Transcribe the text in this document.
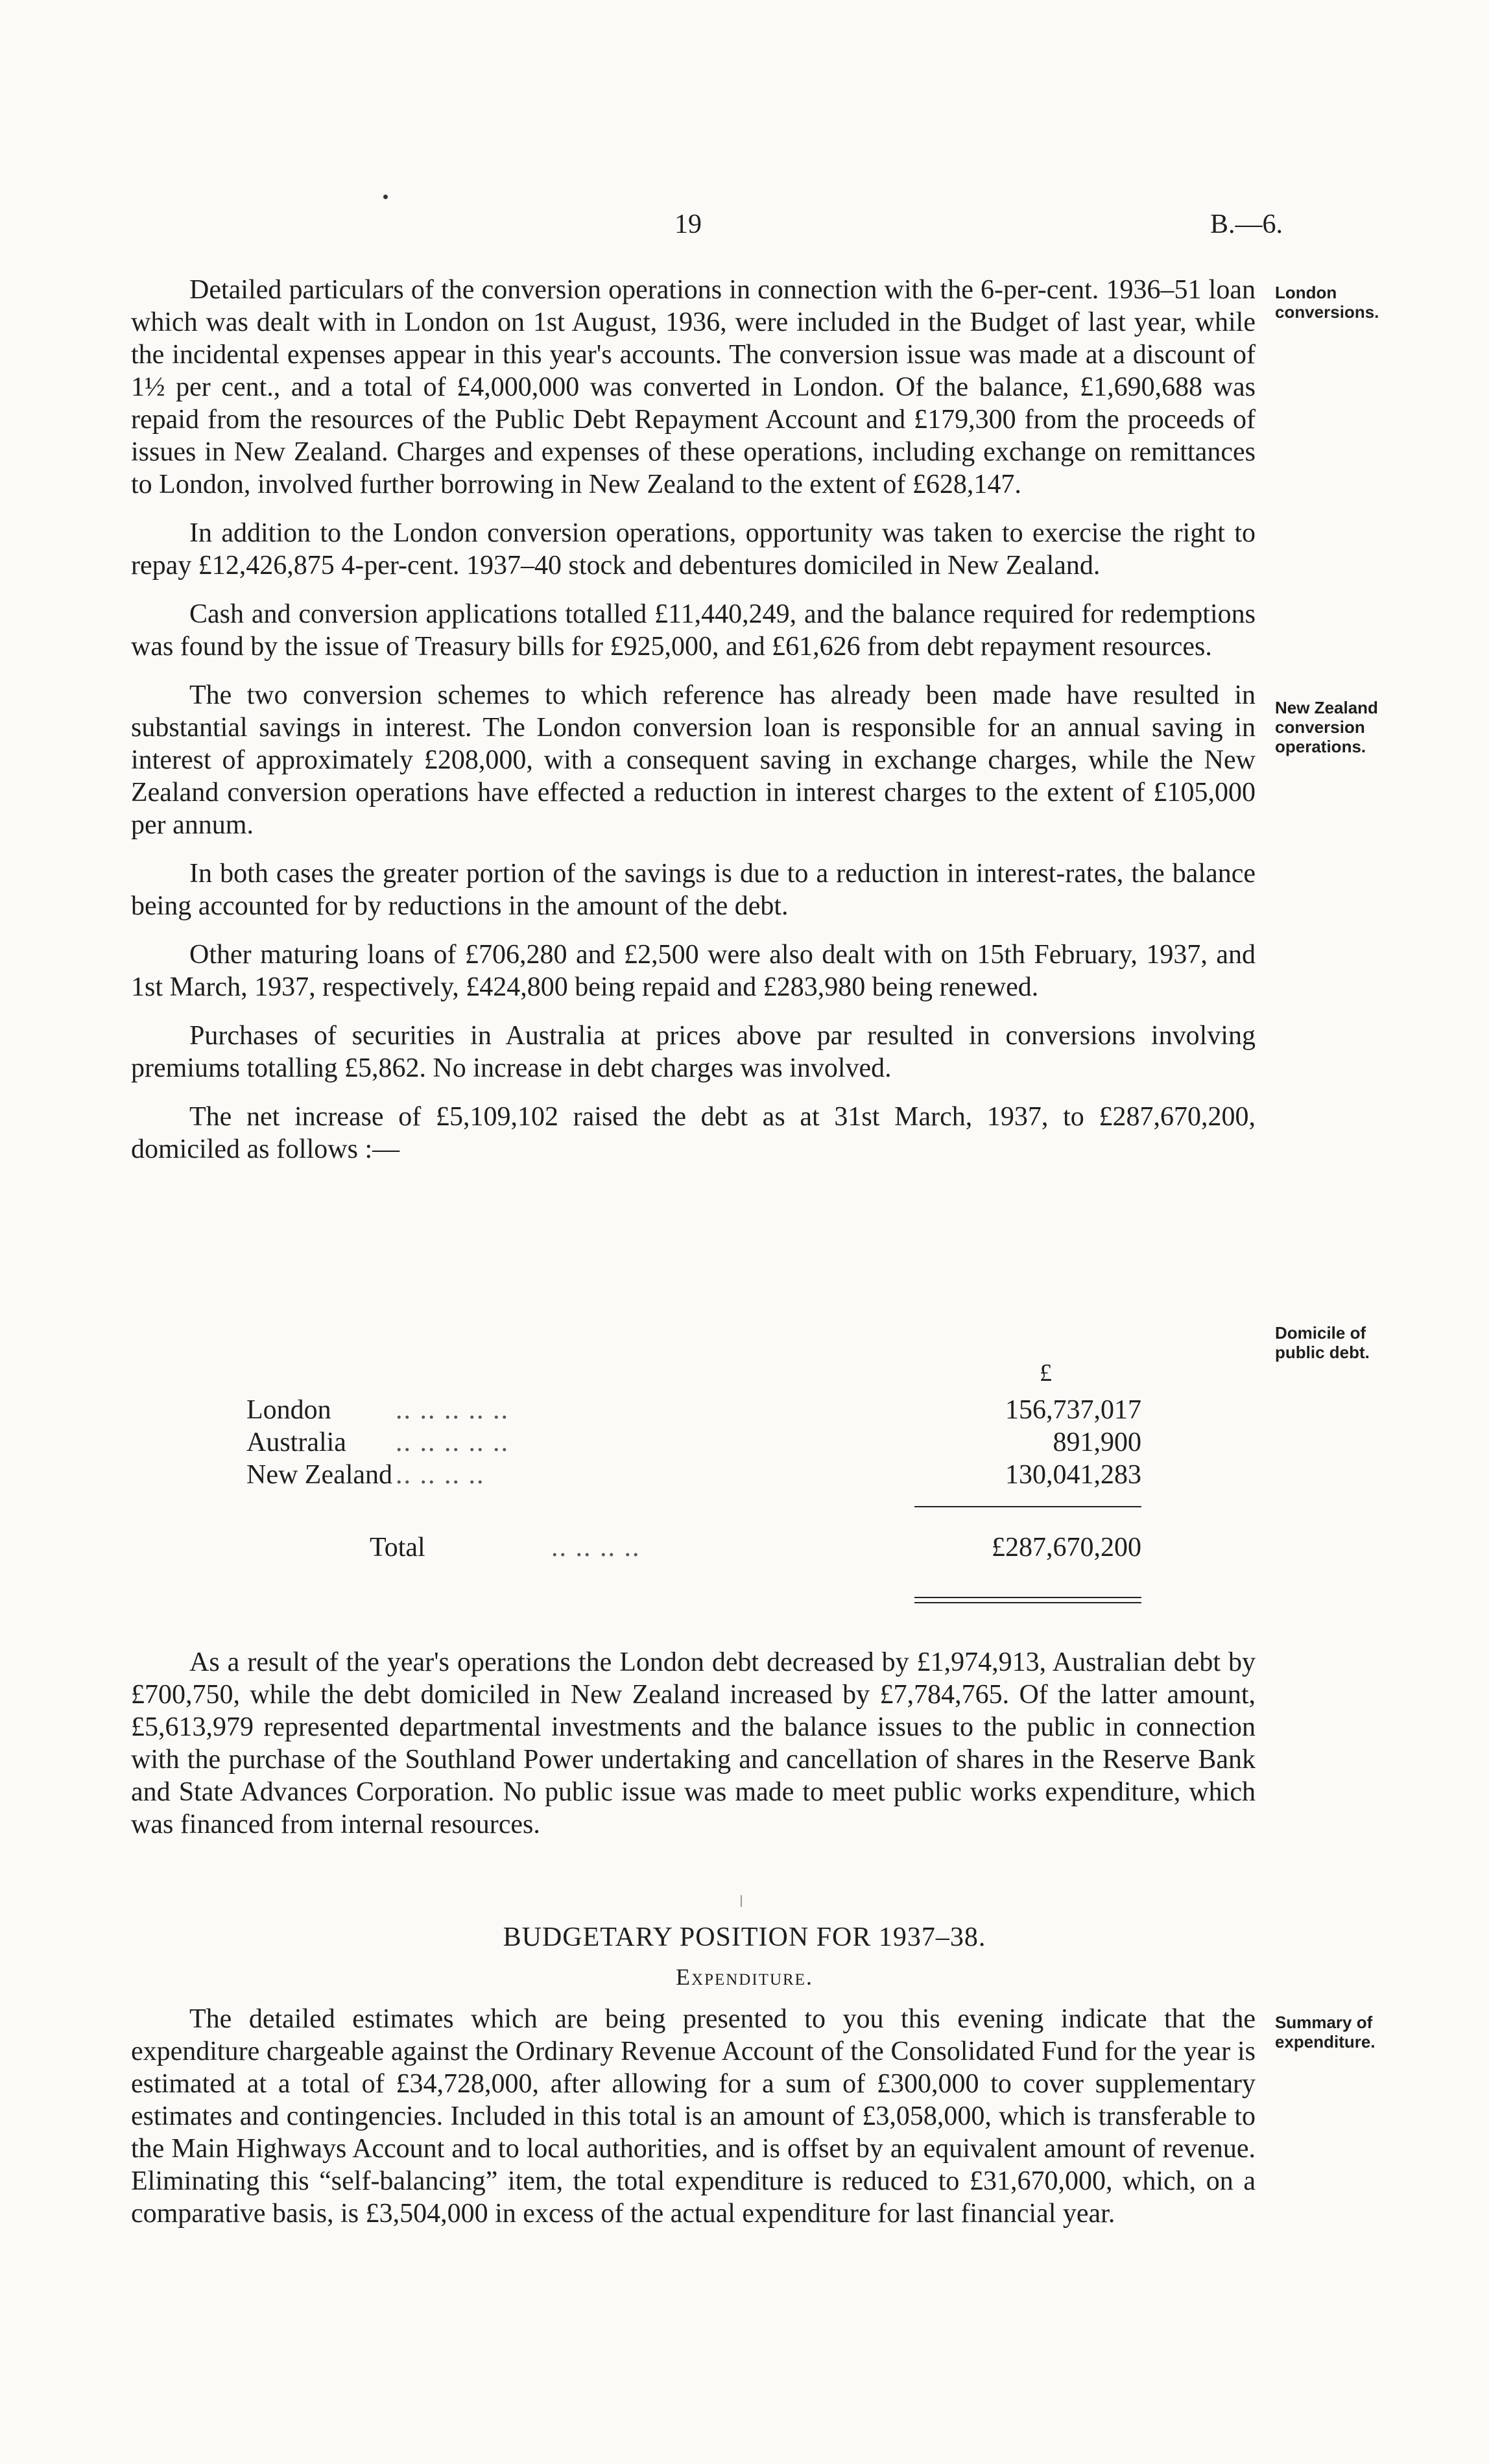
19	B.—6.
London conversions.
New Zealand conversion operations.
Domicile of public debt.
Summary of expenditure.

Detailed particulars of the conversion operations in connection with the 6-per-cent. 1936–51 loan which was dealt with in London on 1st August, 1936, were included in the Budget of last year, while the incidental expenses appear in this year's accounts. The conversion issue was made at a discount of 1½ per cent., and a total of £4,000,000 was converted in London. Of the balance, £1,690,688 was repaid from the resources of the Public Debt Repayment Account and £179,300 from the proceeds of issues in New Zealand. Charges and expenses of these operations, including exchange on remittances to London, involved further borrowing in New Zealand to the extent of £628,147.

In addition to the London conversion operations, opportunity was taken to exercise the right to repay £12,426,875 4-per-cent. 1937–40 stock and debentures domiciled in New Zealand.

Cash and conversion applications totalled £11,440,249, and the balance required for redemptions was found by the issue of Treasury bills for £925,000, and £61,626 from debt repayment resources.

The two conversion schemes to which reference has already been made have resulted in substantial savings in interest. The London conversion loan is responsible for an annual saving in interest of approximately £208,000, with a consequent saving in exchange charges, while the New Zealand conversion operations have effected a reduction in interest charges to the extent of £105,000 per annum.

In both cases the greater portion of the savings is due to a reduction in interest-rates, the balance being accounted for by reductions in the amount of the debt.

Other maturing loans of £706,280 and £2,500 were also dealt with on 15th February, 1937, and 1st March, 1937, respectively, £424,800 being repaid and £283,980 being renewed.

Purchases of securities in Australia at prices above par resulted in conversions involving premiums totalling £5,862. No increase in debt charges was involved.

The net increase of £5,109,102 raised the debt as at 31st March, 1937, to £287,670,200, domiciled as follows :—

£
London .. .. .. .. ..	156,737,017
Australia .. .. .. .. ..	891,900
New Zealand .. .. .. ..	130,041,283
Total	.. .. .. ..	£287,670,200

As a result of the year's operations the London debt decreased by £1,974,913, Australian debt by £700,750, while the debt domiciled in New Zealand increased by £7,784,765. Of the latter amount, £5,613,979 represented departmental investments and the balance issues to the public in connection with the purchase of the Southland Power undertaking and cancellation of shares in the Reserve Bank and State Advances Corporation. No public issue was made to meet public works expenditure, which was financed from internal resources.

BUDGETARY POSITION FOR 1937–38.
Expenditure.

The detailed estimates which are being presented to you this evening indicate that the expenditure chargeable against the Ordinary Revenue Account of the Consolidated Fund for the year is estimated at a total of £34,728,000, after allowing for a sum of £300,000 to cover supplementary estimates and contingencies. Included in this total is an amount of £3,058,000, which is transferable to the Main Highways Account and to local authorities, and is offset by an equivalent amount of revenue. Eliminating this “self-balancing” item, the total expenditure is reduced to £31,670,000, which, on a comparative basis, is £3,504,000 in excess of the actual expenditure for last financial year.
